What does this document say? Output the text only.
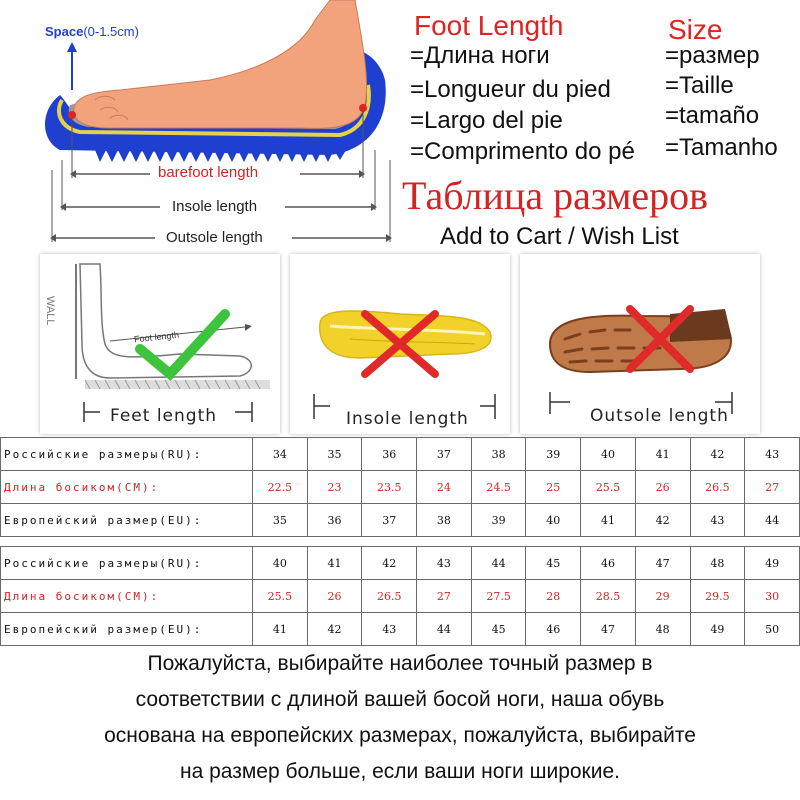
Space(0-1.5cm)
barefoot length
Insole length
Outsole length
Foot Length
=Длина ноги
=Longueur du pied
=Largo del pie
=Comprimento do pé
Size
=размер
=Taille
=tamaño
=Tamanho
Таблица размеров
Add to Cart / Wish List
WALL
Foot length
Feet length	Insole length	Outsole length
Российские размеры(RU):	34	35	36	37	38	39	40	41	42	43
Длина босиком(CM):	22.5	23	23.5	24	24.5	25	25.5	26	26.5	27
Европейский размер(EU):	35	36	37	38	39	40	41	42	43	44
Российские размеры(RU):	40	41	42	43	44	45	46	47	48	49
Длина босиком(CM):	25.5	26	26.5	27	27.5	28	28.5	29	29.5	30
Европейский размер(EU):	41	42	43	44	45	46	47	48	49	50
Пожалуйста, выбирайте наиболее точный размер в
соответствии с длиной вашей босой ноги, наша обувь
основана на европейских размерах, пожалуйста, выбирайте
на размер больше, если ваши ноги широкие.
